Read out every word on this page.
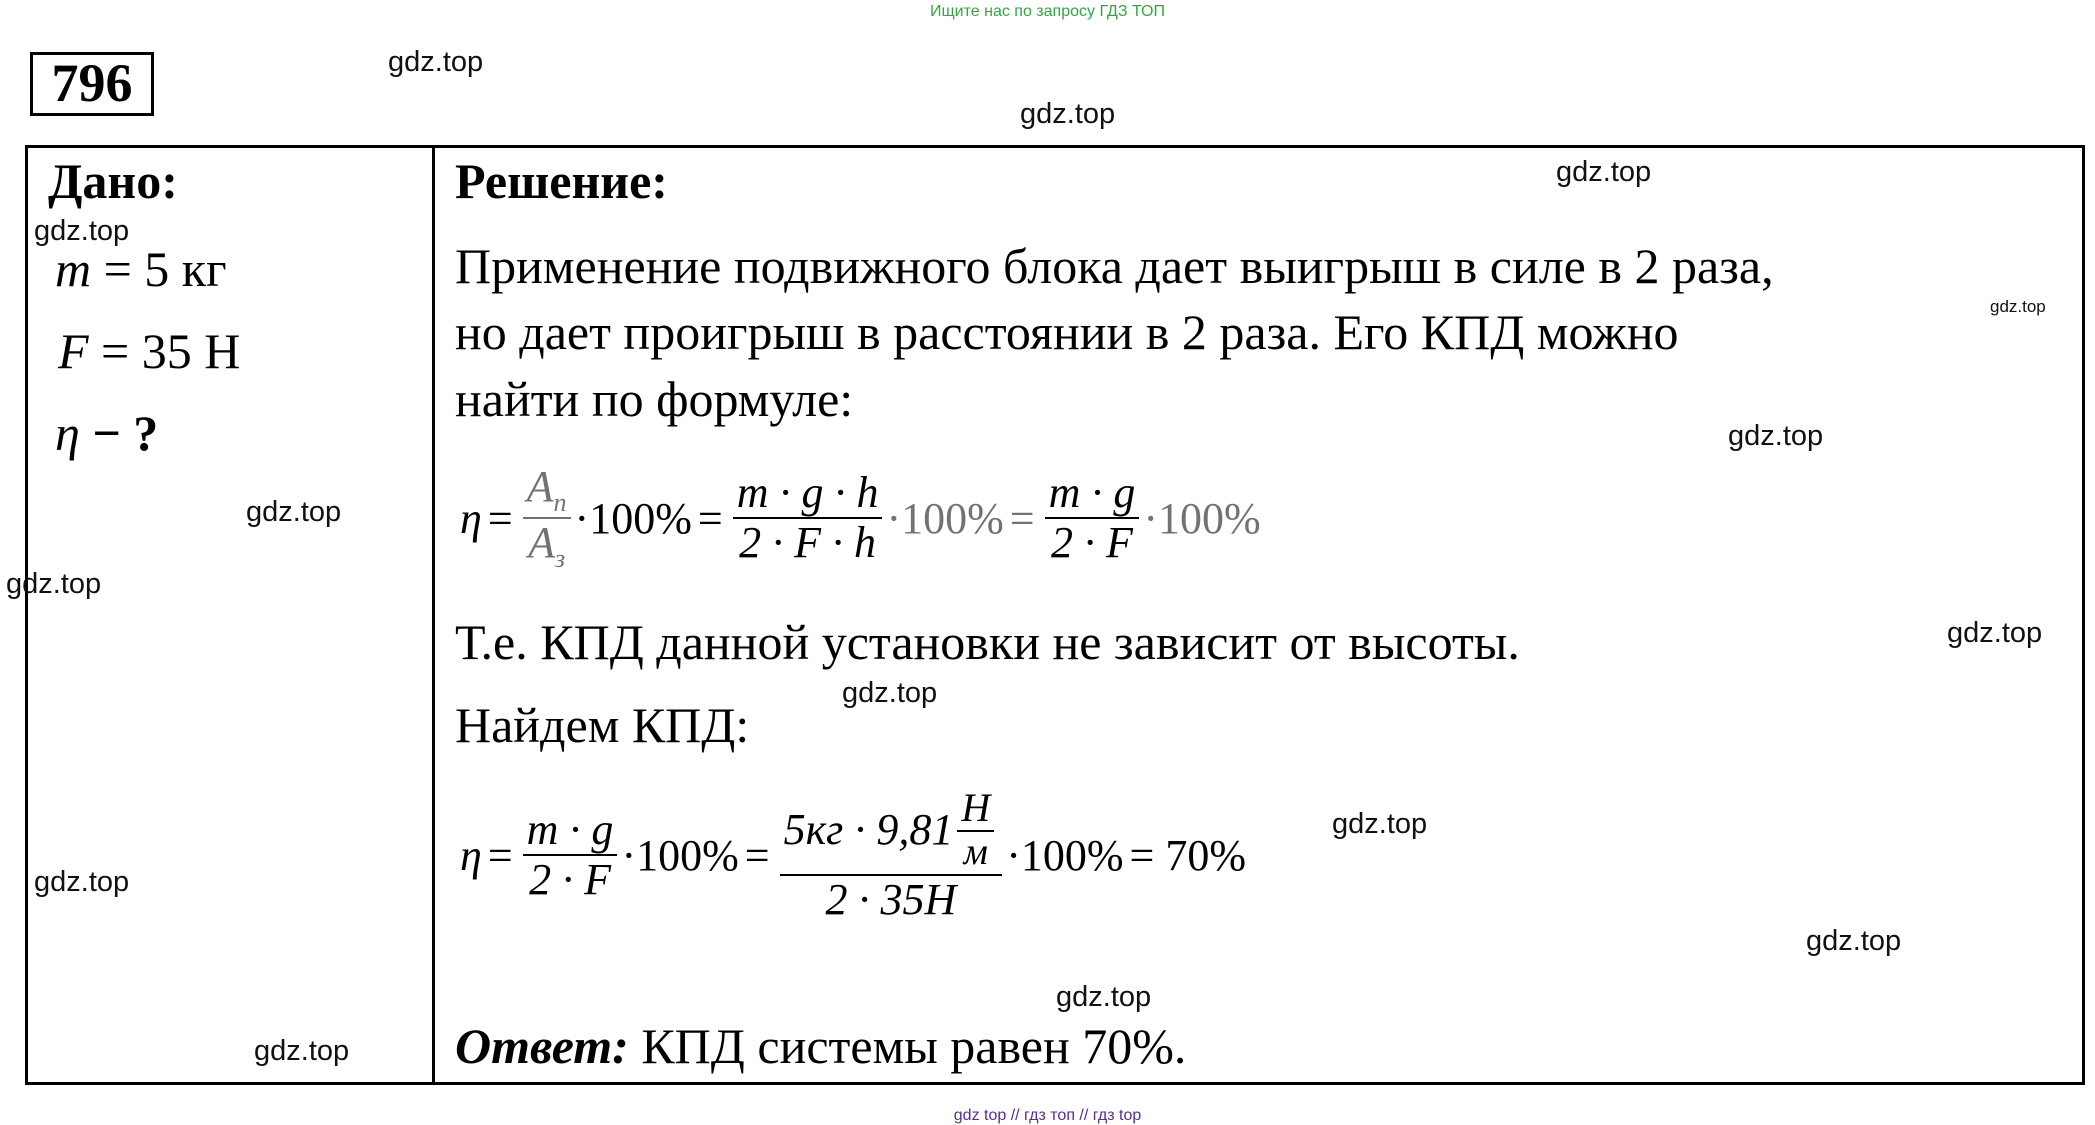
Ищите нас по запросу ГДЗ ТОП
796
Дано:
m = 5 кг
F = 35 Н
η − ?
Решение:
Применение подвижного блока дает выигрыш в силе в 2 раза,
но дает проигрыш в расстоянии в 2 раза. Его КПД можно
найти по формуле:
$\eta = \frac{A_п}{A_з} \cdot 100\% = \frac{m \cdot g \cdot h}{2 \cdot F \cdot h} \cdot 100\% = \frac{m \cdot g}{2 \cdot F} \cdot 100\%$
Т.е. КПД данной установки не зависит от высоты.
Найдем КПД:
$\eta = \frac{m \cdot g}{2 \cdot F} \cdot 100\% = \frac{5кг \cdot 9,81 \frac{Н}{м}}{2 \cdot 35Н} \cdot 100\% = 70\%$
Ответ: КПД системы равен 70%.
gdz.top
gdz.top
gdz.top
gdz.top
gdz.top
gdz.top
gdz.top
gdz.top
gdz.top
gdz.top
gdz.top
gdz.top
gdz.top
gdz.top
gdz.top
gdz top // гдз топ // гдз top
